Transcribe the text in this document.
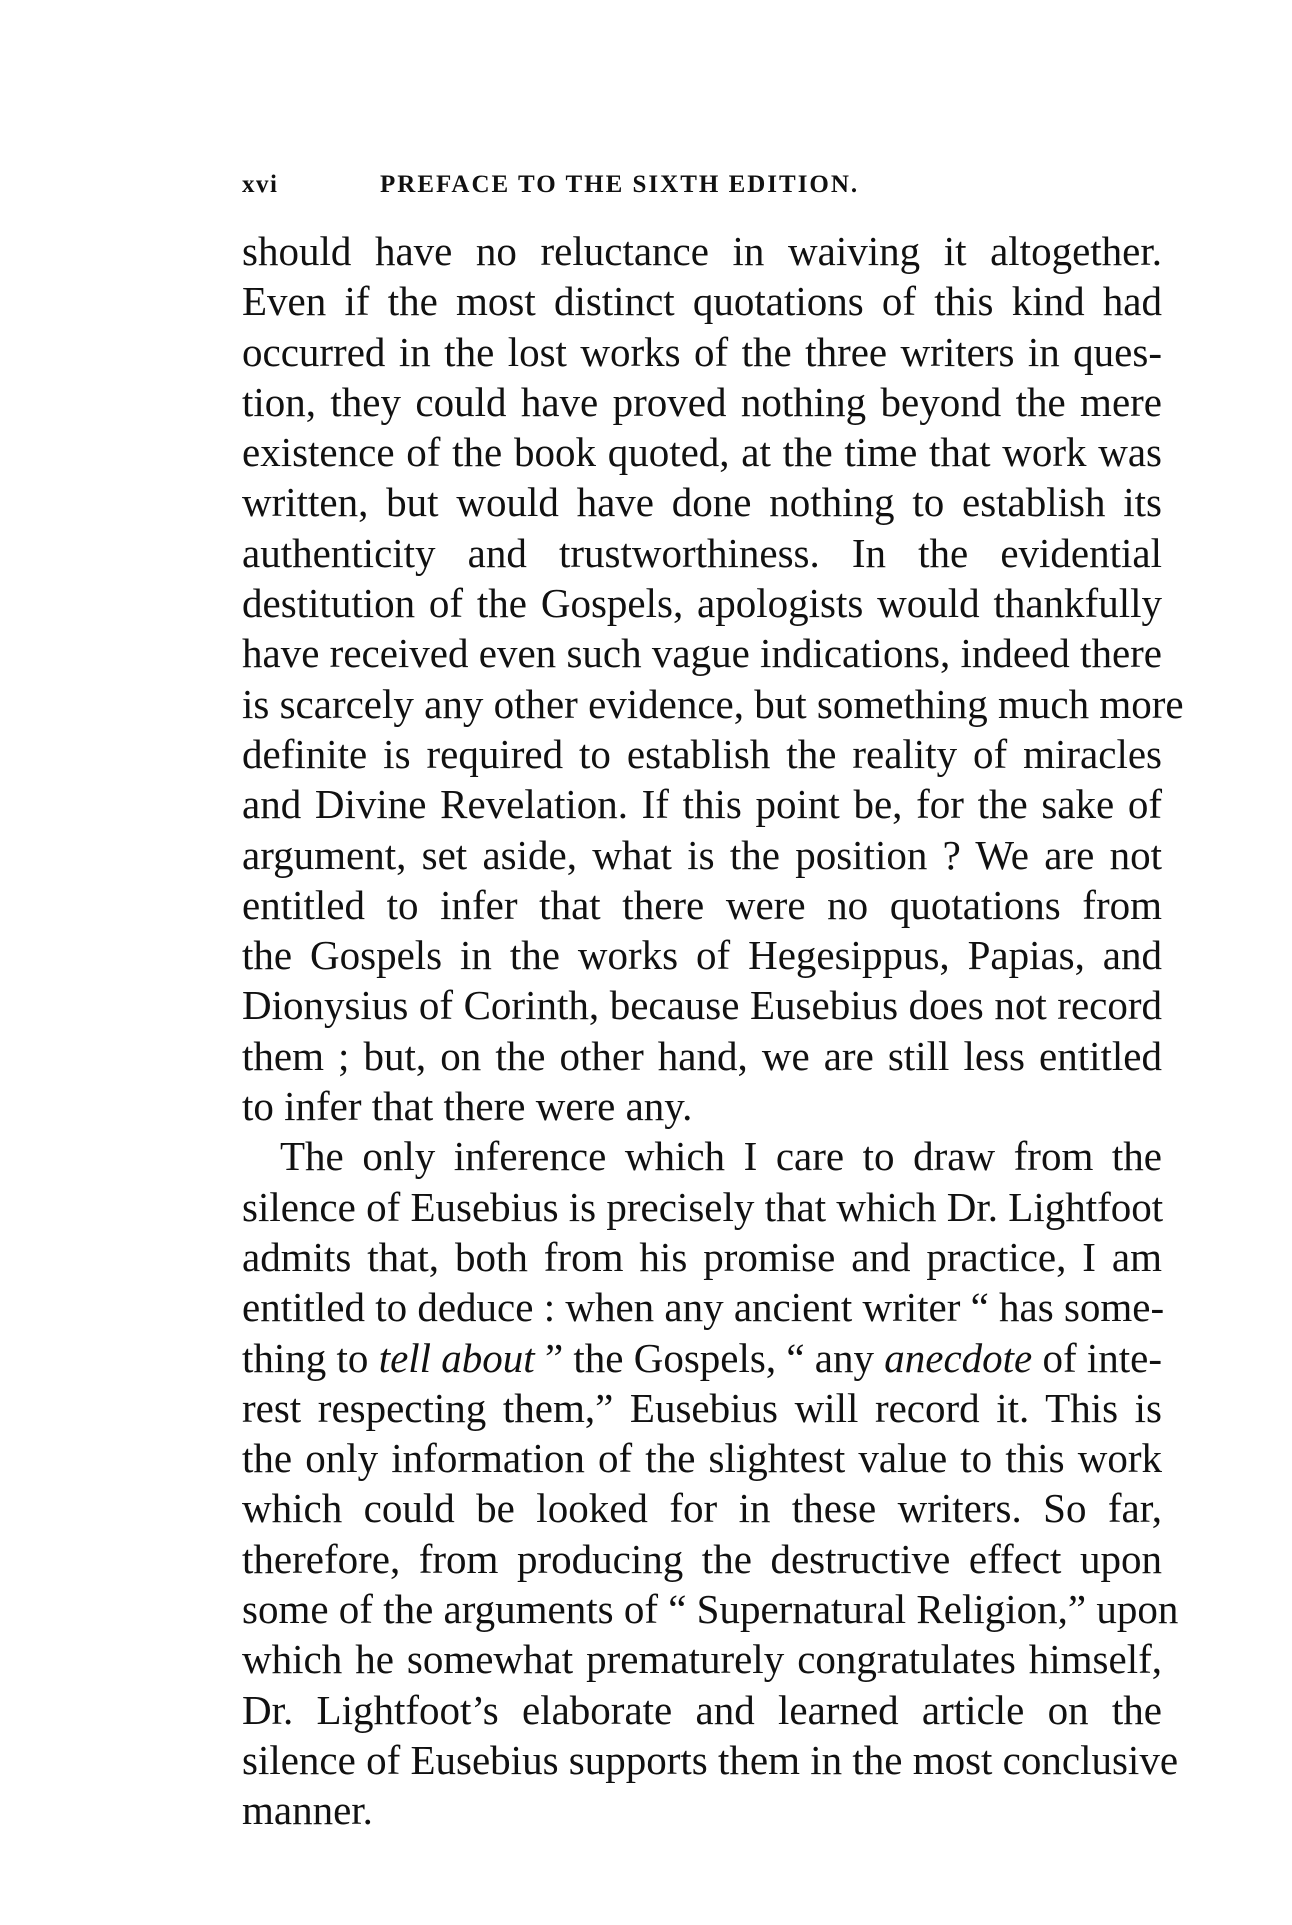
xvi	PREFACE TO THE SIXTH EDITION.
should have no reluctance in waiving it altogether.
Even if the most distinct quotations of this kind had
occurred in the lost works of the three writers in ques-
tion, they could have proved nothing beyond the mere
existence of the book quoted, at the time that work was
written, but would have done nothing to establish its
authenticity and trustworthiness. In the evidential
destitution of the Gospels, apologists would thankfully
have received even such vague indications, indeed there
is scarcely any other evidence, but something much more
definite is required to establish the reality of miracles
and Divine Revelation. If this point be, for the sake of
argument, set aside, what is the position ? We are not
entitled to infer that there were no quotations from
the Gospels in the works of Hegesippus, Papias, and
Dionysius of Corinth, because Eusebius does not record
them ; but, on the other hand, we are still less entitled
to infer that there were any.
The only inference which I care to draw from the
silence of Eusebius is precisely that which Dr. Lightfoot
admits that, both from his promise and practice, I am
entitled to deduce : when any ancient writer “ has some-
thing to tell about ” the Gospels, “ any anecdote of inte-
rest respecting them,” Eusebius will record it. This is
the only information of the slightest value to this work
which could be looked for in these writers. So far,
therefore, from producing the destructive effect upon
some of the arguments of “ Supernatural Religion,” upon
which he somewhat prematurely congratulates himself,
Dr. Lightfoot’s elaborate and learned article on the
silence of Eusebius supports them in the most conclusive
manner.
